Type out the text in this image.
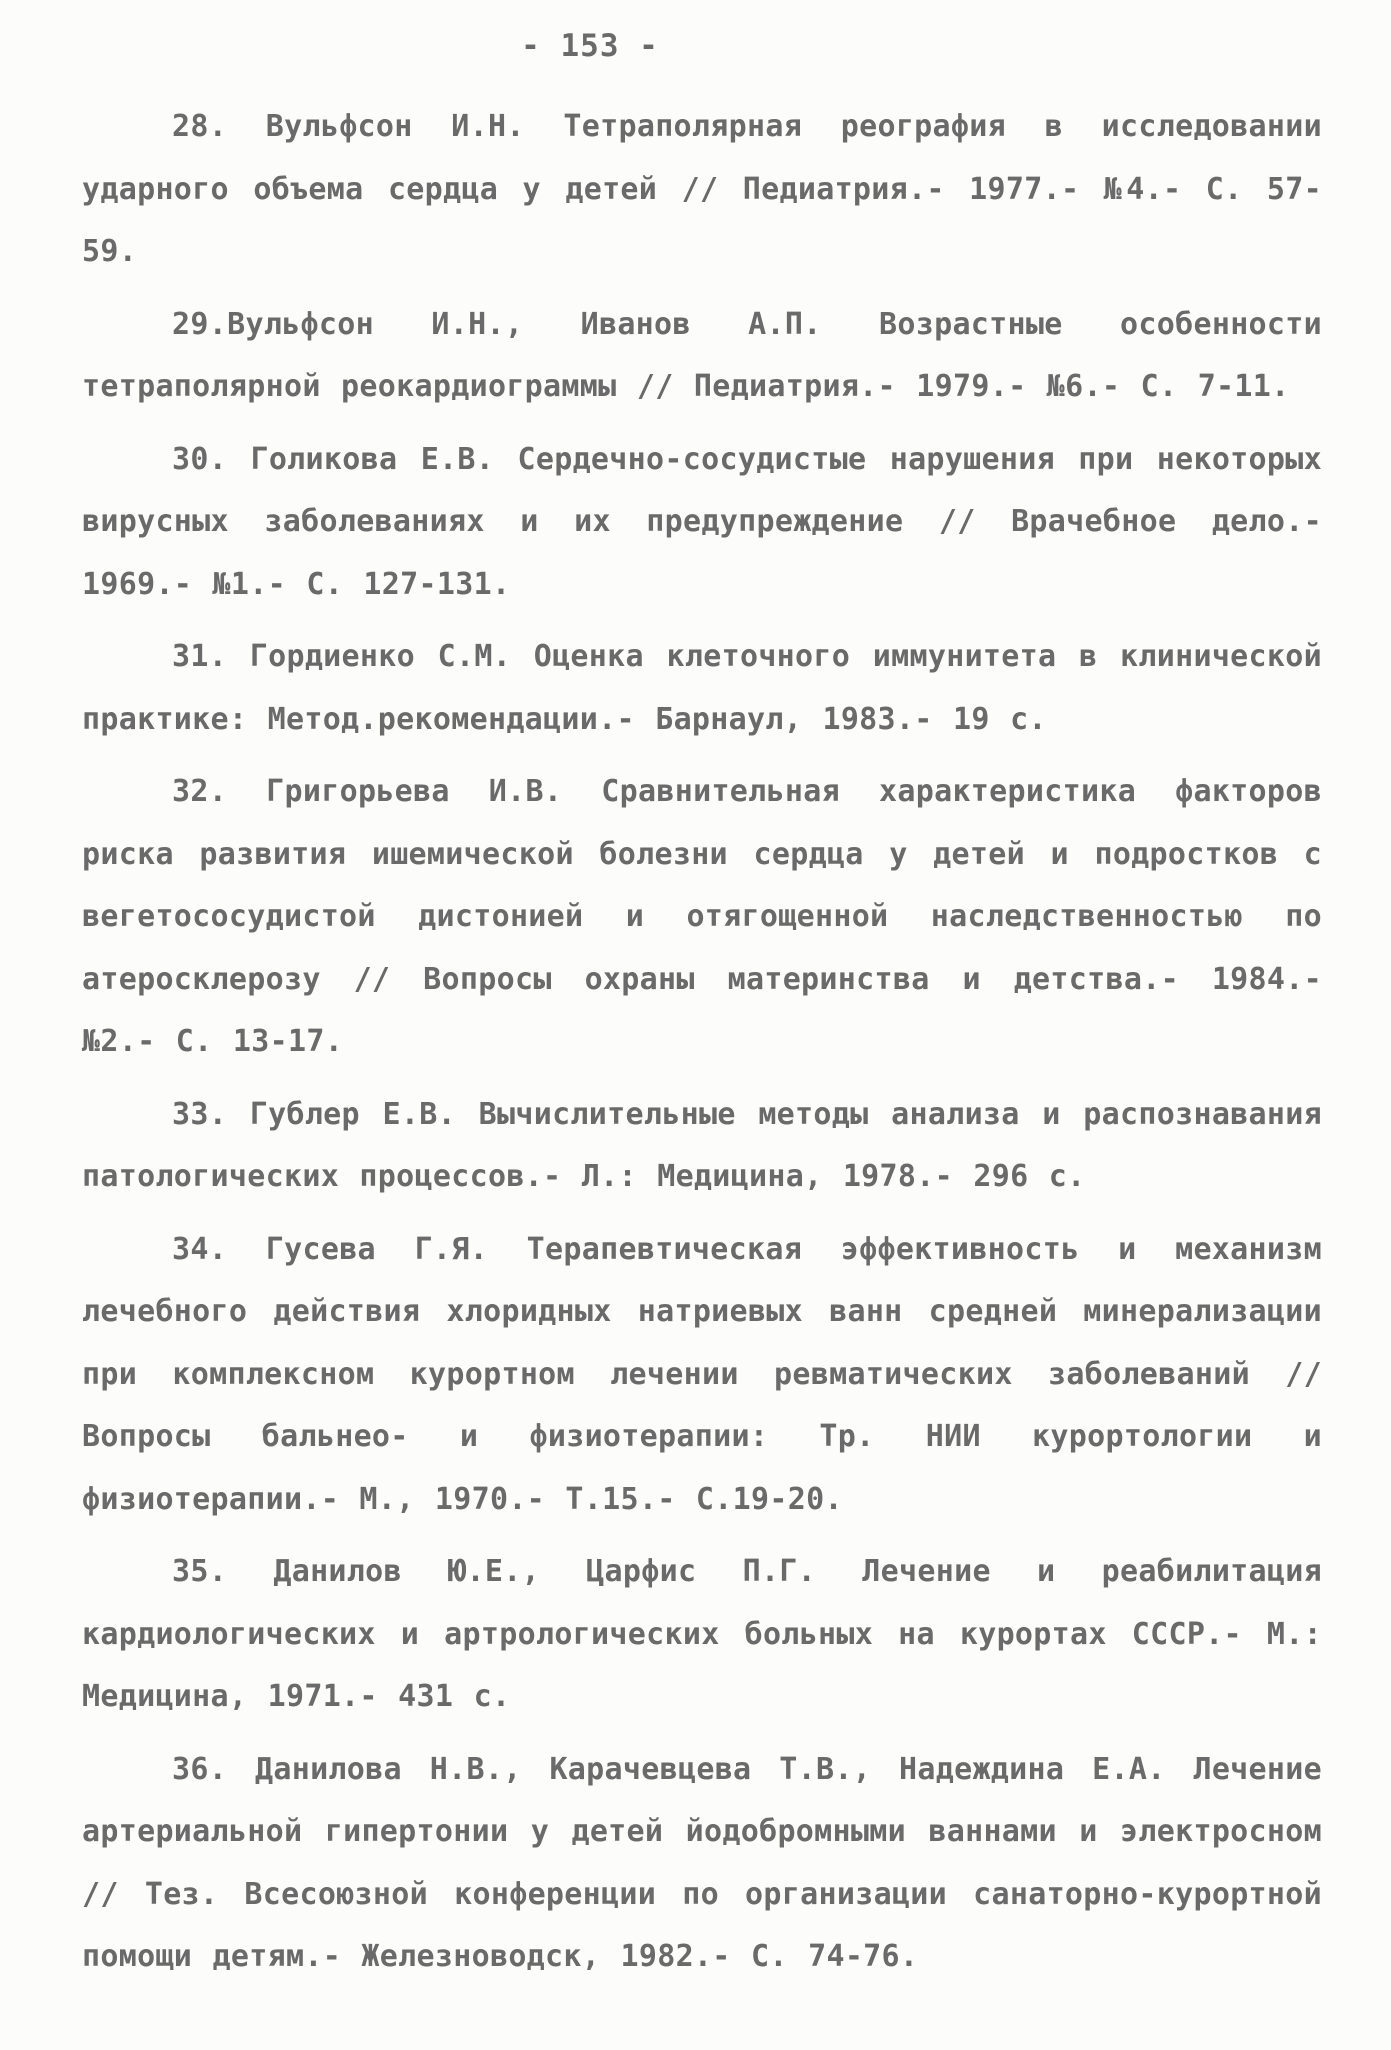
- 153 -

28. Вульфсон И.Н. Тетраполярная реография в исследовании ударного объема сердца у детей // Педиатрия.- 1977.- №4.- С. 57-59.

29.Вульфсон И.Н., Иванов А.П. Возрастные особенности тетраполярной реокардиограммы // Педиатрия.- 1979.- №6.- С. 7-11.

30. Голикова Е.В. Сердечно-сосудистые нарушения при некоторых вирусных заболеваниях и их предупреждение // Врачебное дело.- 1969.- №1.- С. 127-131.

31. Гордиенко С.М. Оценка клеточного иммунитета в клинической практике: Метод.рекомендации.- Барнаул, 1983.- 19 с.

32. Григорьева И.В. Сравнительная характеристика факторов риска развития ишемической болезни сердца у детей и подростков с вегетососудистой дистонией и отягощенной наследственностью по атеросклерозу // Вопросы охраны материнства и детства.- 1984.- №2.- С. 13-17.

33. Гублер Е.В. Вычислительные методы анализа и распознавания патологических процессов.- Л.: Медицина, 1978.- 296 с.

34. Гусева Г.Я. Терапевтическая эффективность и механизм лечебного действия хлоридных натриевых ванн средней минерализации при комплексном курортном лечении ревматических заболеваний // Вопросы бальнео- и физиотерапии: Тр. НИИ курортологии и физиотерапии.- М., 1970.- Т.15.- С.19-20.

35. Данилов Ю.Е., Царфис П.Г. Лечение и реабилитация кардиологических и артрологических больных на курортах СССР.- М.: Медицина, 1971.- 431 с.

36. Данилова Н.В., Карачевцева Т.В., Надеждина Е.А. Лечение артериальной гипертонии у детей йодобромными ваннами и электросном // Тез. Всесоюзной конференции по организации санаторно-курортной помощи детям.- Железноводск, 1982.- С. 74-76.
